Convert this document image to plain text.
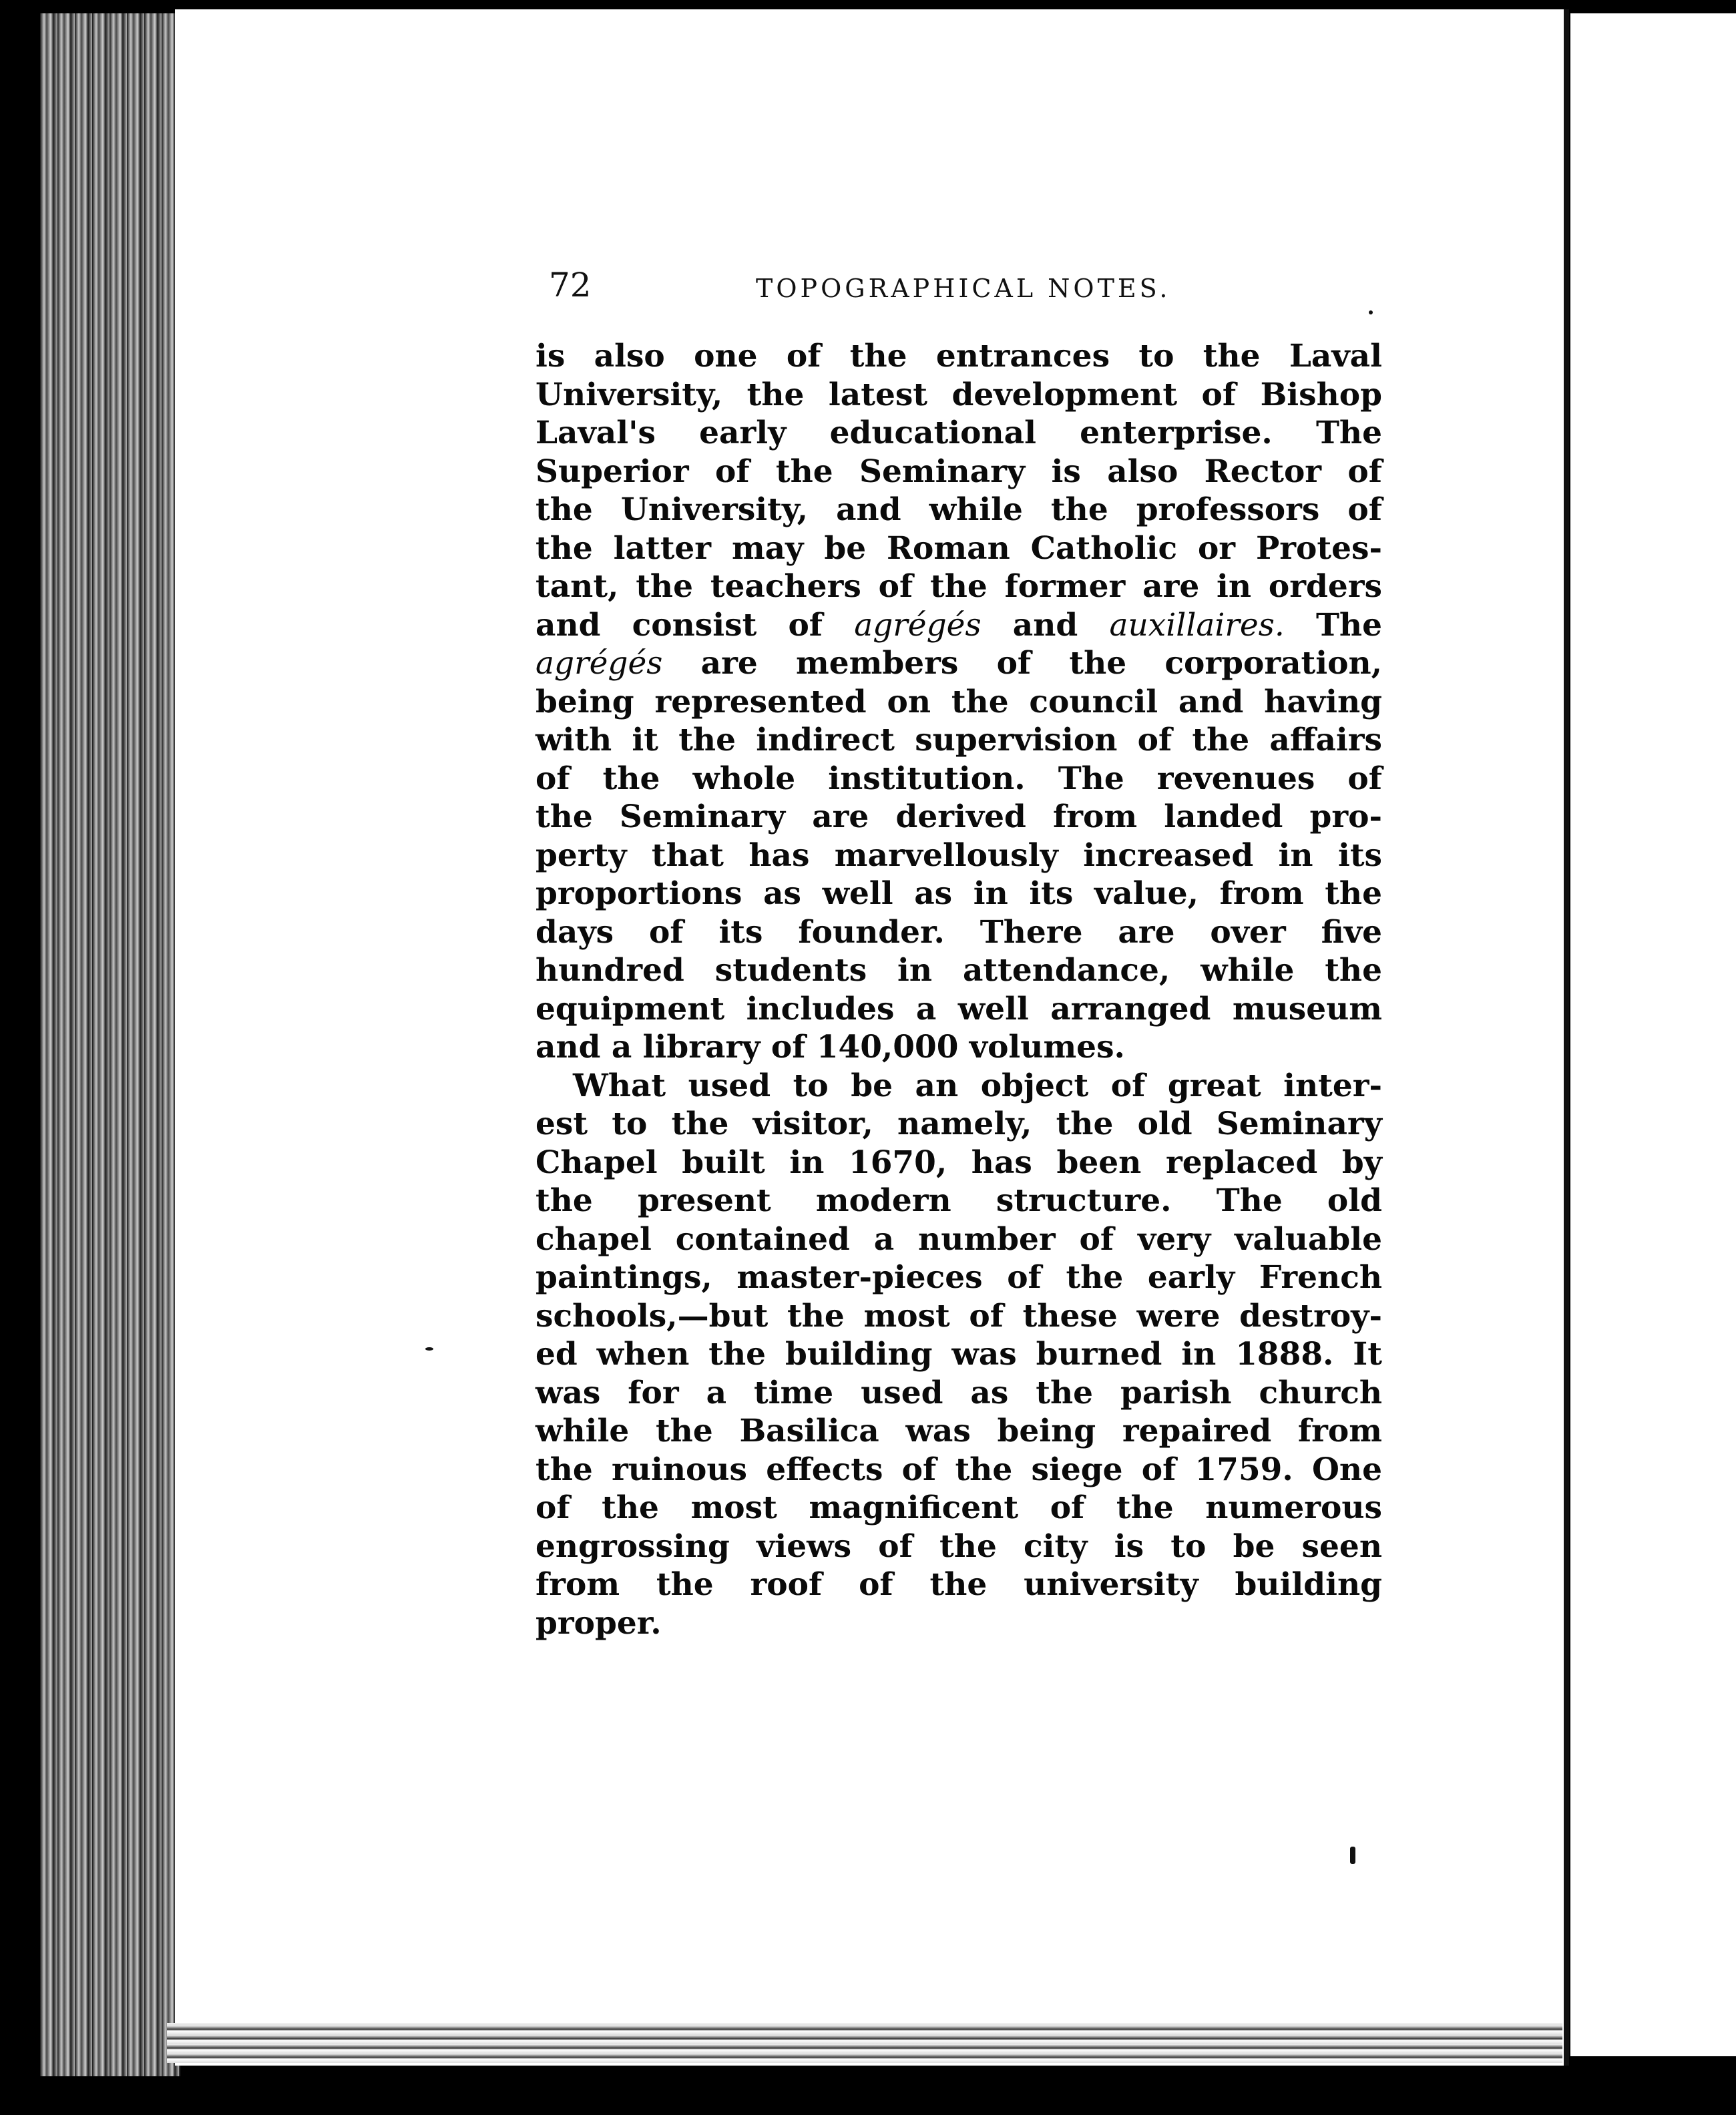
72	TOPOGRAPHICAL NOTES.
is also one of the entrances to the Laval
University, the latest development of Bishop
Laval's early educational enterprise. The
Superior of the Seminary is also Rector of
the University, and while the professors of
the latter may be Roman Catholic or Protes-
tant, the teachers of the former are in orders
and consist of agrégés and auxillaires. The
agrégés are members of the corporation,
being represented on the council and having
with it the indirect supervision of the affairs
of the whole institution. The revenues of
the Seminary are derived from landed pro-
perty that has marvellously increased in its
proportions as well as in its value, from the
days of its founder. There are over five
hundred students in attendance, while the
equipment includes a well arranged museum
and a library of 140,000 volumes.
What used to be an object of great inter-
est to the visitor, namely, the old Seminary
Chapel built in 1670, has been replaced by
the present modern structure. The old
chapel contained a number of very valuable
paintings, master-pieces of the early French
schools,—but the most of these were destroy-
ed when the building was burned in 1888. It
was for a time used as the parish church
while the Basilica was being repaired from
the ruinous effects of the siege of 1759. One
of the most magnificent of the numerous
engrossing views of the city is to be seen
from the roof of the university building
proper.
